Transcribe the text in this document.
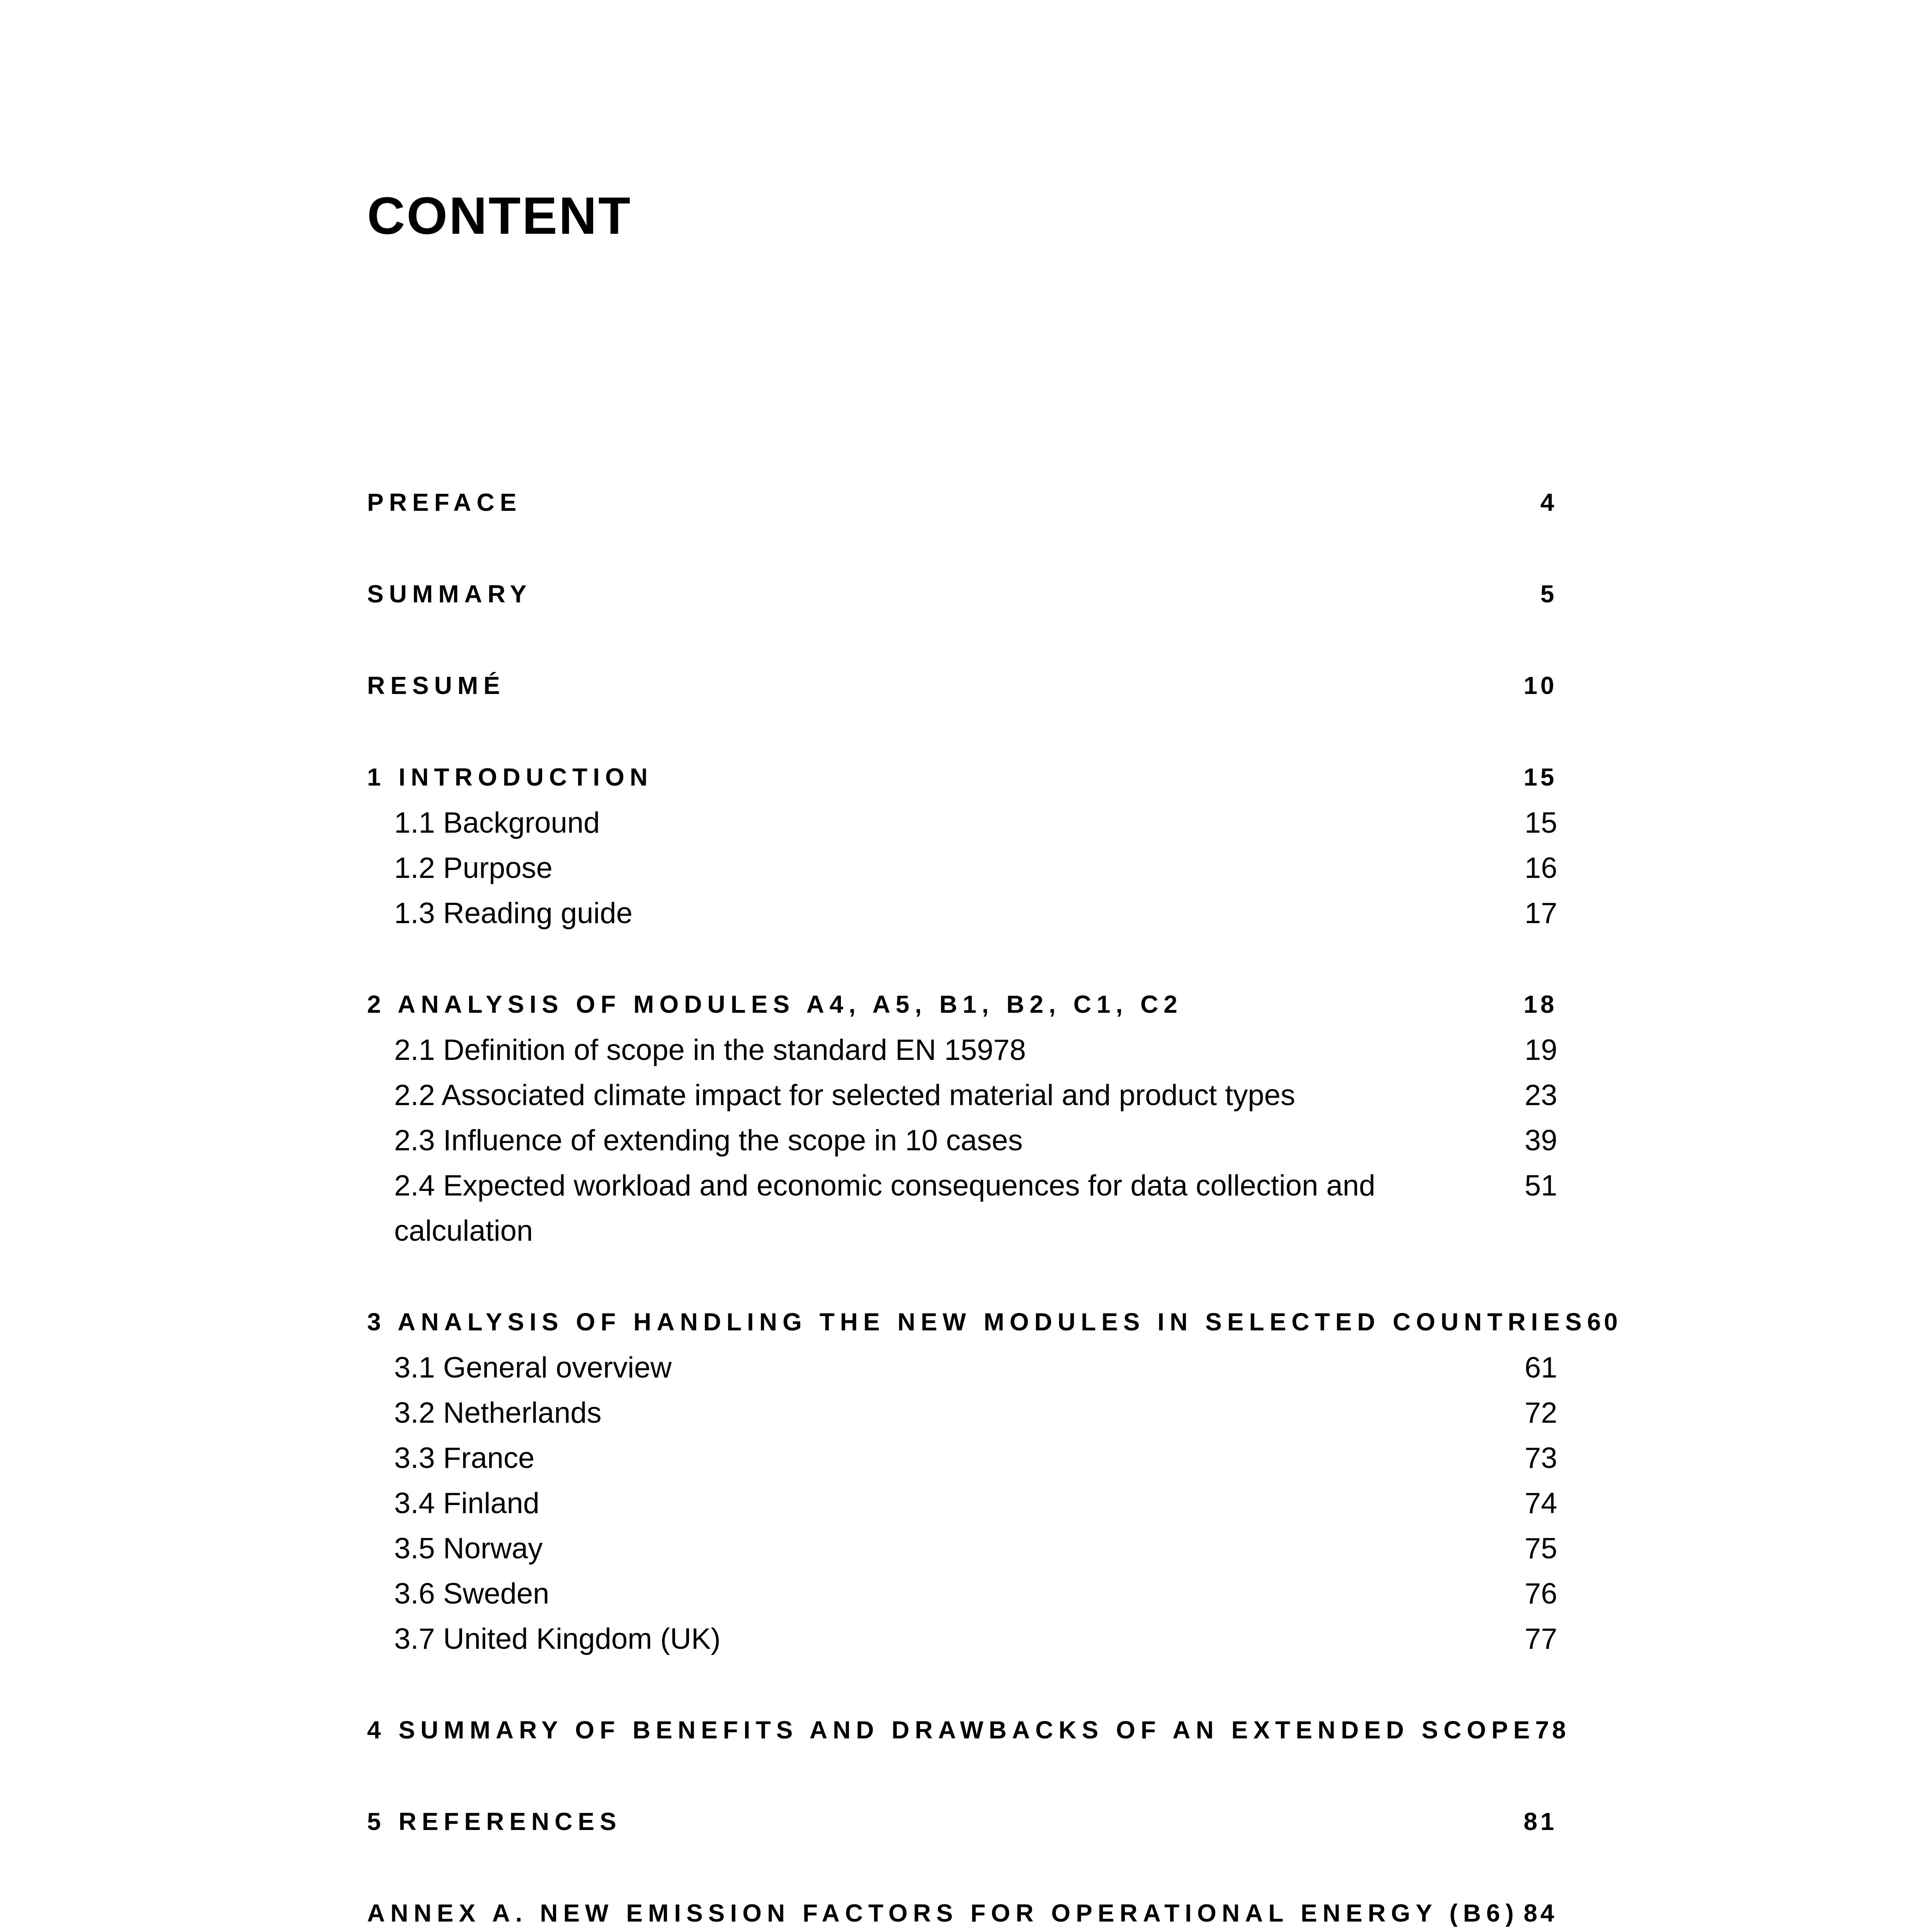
CONTENT
PREFACE	4
SUMMARY	5
RESUMÉ	10
1 INTRODUCTION	15
1.1 Background	15
1.2 Purpose	16
1.3 Reading guide	17
2 ANALYSIS OF MODULES A4, A5, B1, B2, C1, C2	18
2.1 Definition of scope in the standard EN 15978	19
2.2 Associated climate impact for selected material and product types	23
2.3 Influence of extending the scope in 10 cases	39
2.4 Expected workload and economic consequences for data collection and calculation
51
3 ANALYSIS OF HANDLING THE NEW MODULES IN SELECTED COUNTRIES 60
3.1 General overview	61
3.2 Netherlands	72
3.3 France	73
3.4 Finland	74
3.5 Norway	75
3.6 Sweden	76
3.7 United Kingdom (UK)	77
4 SUMMARY OF BENEFITS AND DRAWBACKS OF AN EXTENDED SCOPE 78
5 REFERENCES	81
ANNEX A. NEW EMISSION FACTORS FOR OPERATIONAL ENERGY (B6) 84
